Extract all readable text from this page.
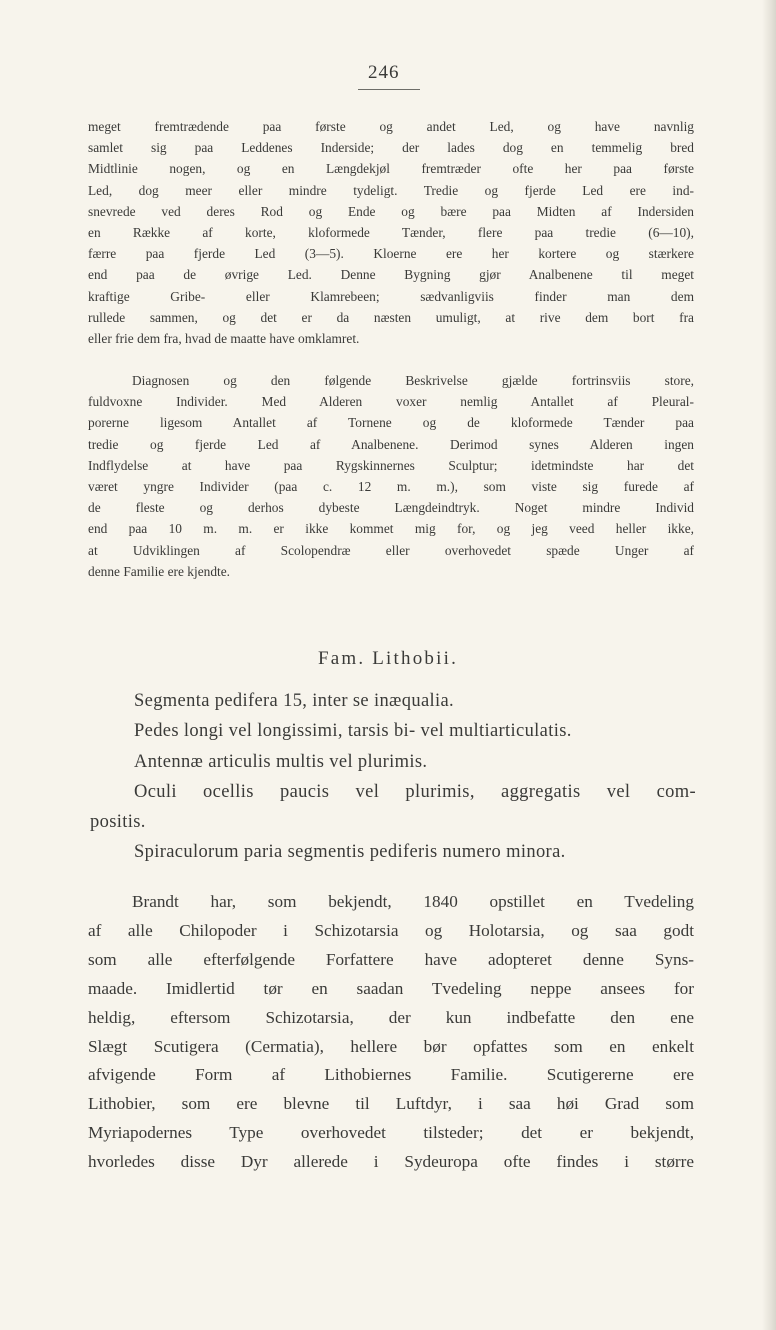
246
meget fremtrædende paa første og andet Led, og have navnlig
samlet sig paa Leddenes Inderside; der lades dog en temmelig bred
Midtlinie nogen, og en Længdekjøl fremtræder ofte her paa første
Led, dog meer eller mindre tydeligt. Tredie og fjerde Led ere ind-
snevrede ved deres Rod og Ende og bære paa Midten af Indersiden
en Række af korte, kloformede Tænder, flere paa tredie (6—10),
færre paa fjerde Led (3—5). Kloerne ere her kortere og stærkere
end paa de øvrige Led. Denne Bygning gjør Analbenene til meget
kraftige Gribe- eller Klamrebeen; sædvanligviis finder man dem
rullede sammen, og det er da næsten umuligt, at rive dem bort fra
eller frie dem fra, hvad de maatte have omklamret.
Diagnosen og den følgende Beskrivelse gjælde fortrinsviis store,
fuldvoxne Individer. Med Alderen voxer nemlig Antallet af Pleural-
porerne ligesom Antallet af Tornene og de kloformede Tænder paa
tredie og fjerde Led af Analbenene. Derimod synes Alderen ingen
Indflydelse at have paa Rygskinnernes Sculptur; idetmindste har det
været yngre Individer (paa c. 12 m. m.), som viste sig furede af
de fleste og derhos dybeste Længdeindtryk. Noget mindre Individ
end paa 10 m. m. er ikke kommet mig for, og jeg veed heller ikke,
at Udviklingen af Scolopendræ eller overhovedet spæde Unger af
denne Familie ere kjendte.
Fam. Lithobii.
Segmenta pedifera 15, inter se inæqualia.
Pedes longi vel longissimi, tarsis bi- vel multiarticulatis.
Antennæ articulis multis vel plurimis.
Oculi ocellis paucis vel plurimis, aggregatis vel com-
positis.
Spiraculorum paria segmentis pediferis numero minora.
Brandt har, som bekjendt, 1840 opstillet en Tvedeling
af alle Chilopoder i Schizotarsia og Holotarsia, og saa godt
som alle efterfølgende Forfattere have adopteret denne Syns-
maade. Imidlertid tør en saadan Tvedeling neppe ansees for
heldig, eftersom Schizotarsia, der kun indbefatte den ene
Slægt Scutigera (Cermatia), hellere bør opfattes som en enkelt
afvigende Form af Lithobiernes Familie. Scutigererne ere
Lithobier, som ere blevne til Luftdyr, i saa høi Grad som
Myriapodernes Type overhovedet tilsteder; det er bekjendt,
hvorledes disse Dyr allerede i Sydeuropa ofte findes i større
